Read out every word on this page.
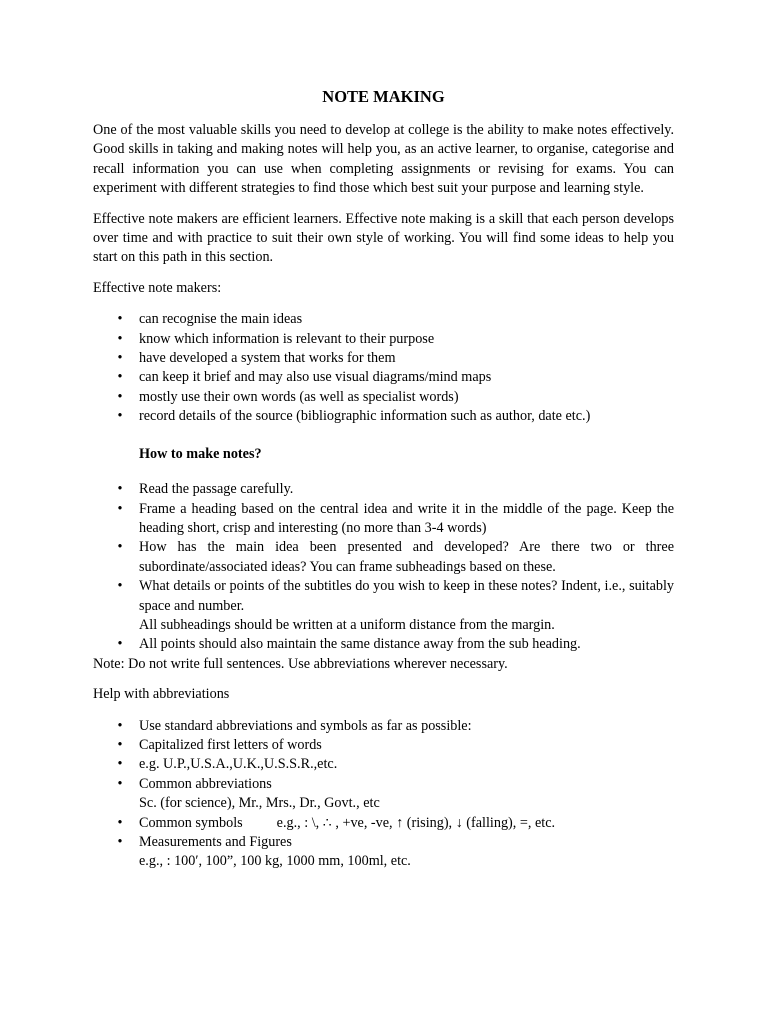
NOTE MAKING

One of the most valuable skills you need to develop at college is the ability to make notes effectively. Good skills in taking and making notes will help you, as an active learner, to organise, categorise and recall information you can use when completing assignments or revising for exams. You can experiment with different strategies to find those which best suit your purpose and learning style.

Effective note makers are efficient learners. Effective note making is a skill that each person develops over time and with practice to suit their own style of working. You will find some ideas to help you start on this path in this section.

Effective note makers:

• can recognise the main ideas
• know which information is relevant to their purpose
• have developed a system that works for them
• can keep it brief and may also use visual diagrams/mind maps
• mostly use their own words (as well as specialist words)
• record details of the source (bibliographic information such as author, date etc.)
How to make notes?
• Read the passage carefully.
• Frame a heading based on the central idea and write it in the middle of the page. Keep the heading short, crisp and interesting (no more than 3-4 words)
• How has the main idea been presented and developed? Are there two or three subordinate/associated ideas? You can frame subheadings based on these.
• What details or points of the subtitles do you wish to keep in these notes? Indent, i.e., suitably space and number.
All subheadings should be written at a uniform distance from the margin.
• All points should also maintain the same distance away from the sub heading.

Note: Do not write full sentences. Use abbreviations wherever necessary.

Help with abbreviations

• Use standard abbreviations and symbols as far as possible:
• Capitalized first letters of words
• e.g. U.P.,U.S.A.,U.K.,U.S.S.R.,etc.
• Common abbreviations
Sc. (for science), Mr., Mrs., Dr., Govt., etc
• Common symbols e.g., : \, ∴ , +ve, -ve, ↑ (rising), ↓ (falling), =, etc.
• Measurements and Figures
e.g., : 100′, 100”, 100 kg, 1000 mm, 100ml, etc.
